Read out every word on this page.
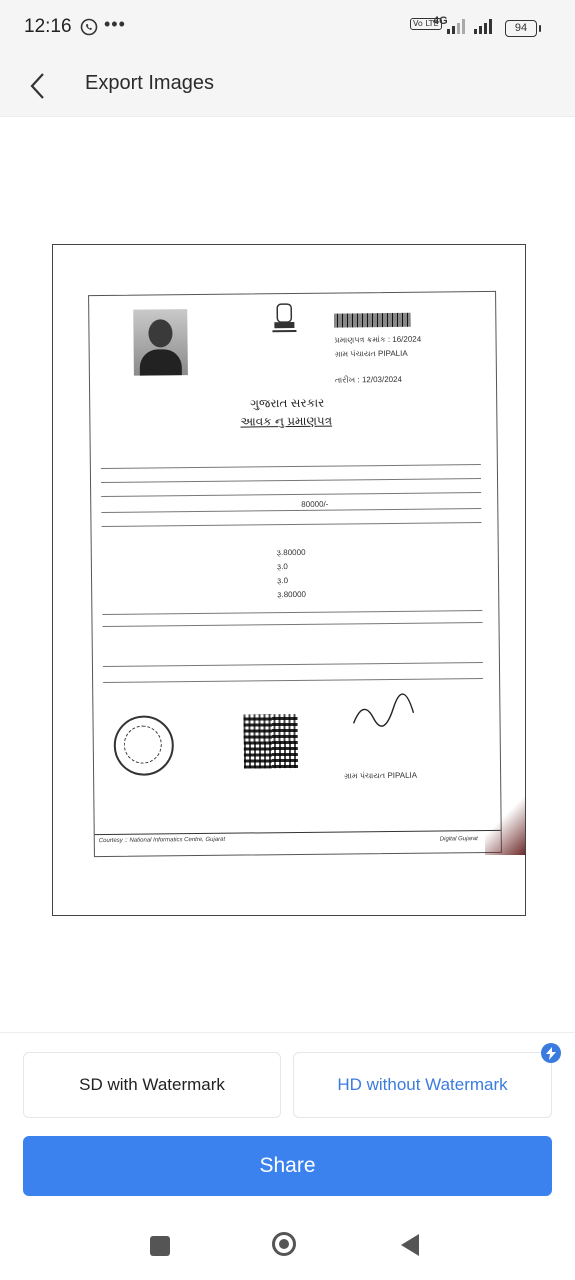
12:16 •••	Vo LTE
4G
94
Export Images
પ્રમાણપત્ર ક્રમાંક : 16/2024
ગ્રામ પંચાયત PIPALIA
તારીખ : 12/03/2024
ગુજરાત સરકાર
આવક નુ પ્રમાણપત્ર
80000/-
રૂ.80000
રૂ.0
રૂ.0
રૂ.80000
ગ્રામ પંચાયત PIPALIA
Courtesy :: National Informatics Centre, Gujarat	Digital Gujarat
SD with Watermark	HD without Watermark
Share
